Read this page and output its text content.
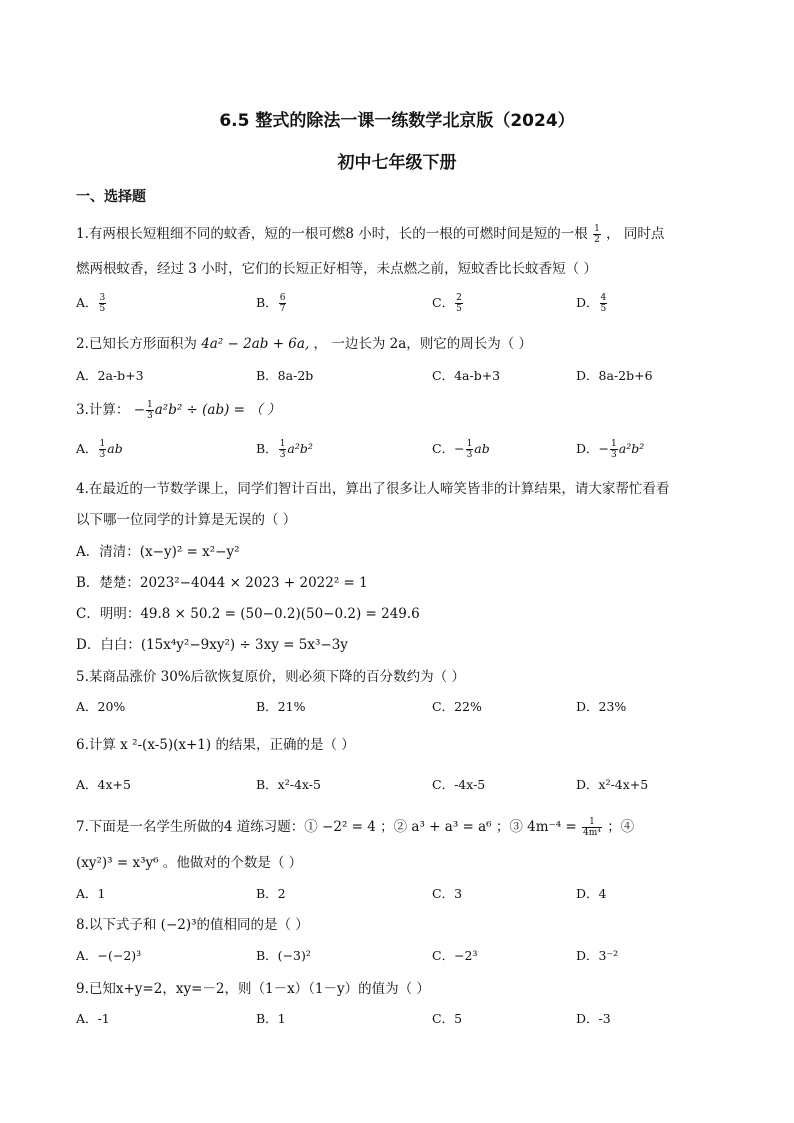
6.5 整式的除法一课一练数学北京版（2024）
初中七年级下册
一、选择题
1.有两根长短粗细不同的蚊香，短的一根可燃8 小时，长的一根的可燃时间是短的一根 $\frac{1}{2}$ ， 同时点
燃两根蚊香，经过 3 小时，它们的长短正好相等，未点燃之前，短蚊香比长蚊香短（ ）
A． $\frac{3}{5}$	B． $\frac{6}{7}$	C． $\frac{2}{5}$	D． $\frac{4}{5}$
2.已知长方形面积为 4a² − 2ab + 6a, ， 一边长为 2a，则它的周长为（ ）
A．2a-b+3	B．8a-2b	C．4a-b+3	D．8a-2b+6
3.计算： − $\frac{1}{3} a^2b^2 \div (ab)$ = （ ）
A． $\frac{1}{3}$ ab	B． $\frac{1}{3} a^2b^2$	C．− $\frac{1}{3}$ ab	D．− $\frac{1}{3} a^2b^2$
4.在最近的一节数学课上，同学们智计百出，算出了很多让人啼笑皆非的计算结果，请大家帮忙看看
以下哪一位同学的计算是无误的（ ）
A．清清：(x−y)² = x²−y²
B．楚楚：2023²−4044 × 2023 + 2022² = 1
C．明明：49.8 × 50.2 = (50−0.2)(50−0.2) = 249.6
D．白白：(15x⁴y²−9xy²) ÷ 3xy = 5x³−3y
5.某商品涨价 30%后欲恢复原价，则必须下降的百分数约为（ ）
A．20%	B．21%	C．22%	D．23%
6.计算 x ²-(x-5)(x+1) 的结果，正确的是（ ）
A．4x+5	B．x²-4x-5	C．-4x-5	D．x²-4x+5
7.下面是一名学生所做的4 道练习题：① −2² = 4 ；② a³ + a³ = a⁶ ；③ $4m^{-4} = \frac{1}{\text{4m⁴}}$ ；④
(xy²)³ = x³y⁶ 。他做对的个数是（ ）
A．1	B．2	C．3	D．4
8.以下式子和 (−2)³的值相同的是（ ）
A．−(−2)³	B．(−3)²	C．−2³	D．3⁻²
9.已知x+y=2，xy=－2，则（1－x）（1－y）的值为（ ）
A．-1	B．1	C．5	D．-3
